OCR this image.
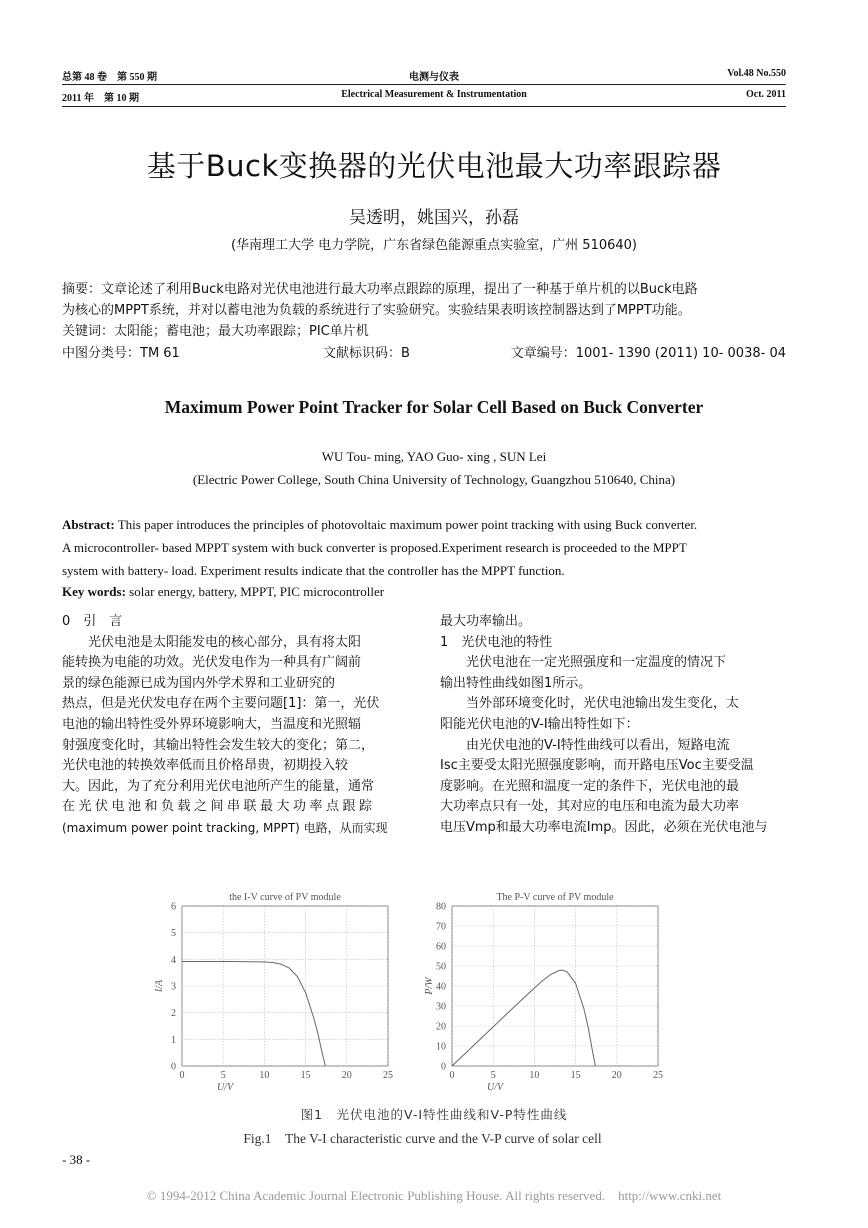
总第 48 卷　第 550 期
2011 年　第 10 期
电测与仪表
Electrical Measurement & Instrumentation
Vol.48 No.550
Oct. 2011
基于Buck变换器的光伏电池最大功率跟踪器
吴透明，姚国兴，孙磊
(华南理工大学 电力学院，广东省绿色能源重点实验室，广州 510640)
摘要：文章论述了利用Buck电路对光伏电池进行最大功率点跟踪的原理，提出了一种基于单片机的以Buck电路
为核心的MPPT系统，并对以蓄电池为负载的系统进行了实验研究。实验结果表明该控制器达到了MPPT功能。
关键词：太阳能；蓄电池；最大功率跟踪；PIC单片机
中图分类号：TM 61	文献标识码：B	文章编号：1001- 1390 (2011) 10- 0038- 04
Maximum Power Point Tracker for Solar Cell Based on Buck Converter
WU Tou- ming, YAO Guo- xing , SUN Lei
(Electric Power College, South China University of Technology, Guangzhou 510640, China)
Abstract: This paper introduces the principles of photovoltaic maximum power point tracking with using Buck converter.
A microcontroller- based MPPT system with buck converter is proposed.Experiment research is proceeded to the MPPT
system with battery- load. Experiment results indicate that the controller has the MPPT function.
Key words: solar energy, battery, MPPT, PIC microcontroller

0　引　言

光伏电池是太阳能发电的核心部分，具有将太阳

能转换为电能的功效。光伏发电作为一种具有广阔前

景的绿色能源已成为国内外学术界和工业研究的

热点，但是光伏发电存在两个主要问题[1]：第一，光伏

电池的输出特性受外界环境影响大，当温度和光照辐

射强度变化时，其输出特性会发生较大的变化；第二，

光伏电池的转换效率低而且价格昂贵，初期投入较

大。因此，为了充分利用光伏电池所产生的能量，通常

在光伏电池和负载之间串联最大功率点跟踪

(maximum power point tracking, MPPT) 电路，从而实现

最大功率输出。

1　光伏电池的特性

光伏电池在一定光照强度和一定温度的情况下

输出特性曲线如图1所示。

当外部环境变化时，光伏电池输出发生变化，太

阳能光伏电池的V-I输出特性如下：

由光伏电池的V-I特性曲线可以看出，短路电流

Isc主要受太阳光照强度影响，而开路电压Voc主要受温

度影响。在光照和温度一定的条件下，光伏电池的最

大功率点只有一处，其对应的电压和电流为最大功率

电压Vmp和最大功率电流Imp。因此，必须在光伏电池与

0	5	10	15	20	25
0
1
2
3
4
5
6
the I-V curve of PV module
U/V
I/A
0	5	10	15	20	25
0
10
20
30
40
50
60
70
80
The P-V curve of PV module
U/V
P/W
图1　光伏电池的V-I特性曲线和V-P特性曲线
Fig.1　The V-I characteristic curve and the V-P curve of solar cell
- 38 -
© 1994-2012 China Academic Journal Electronic Publishing House. All rights reserved.　http://www.cnki.net
